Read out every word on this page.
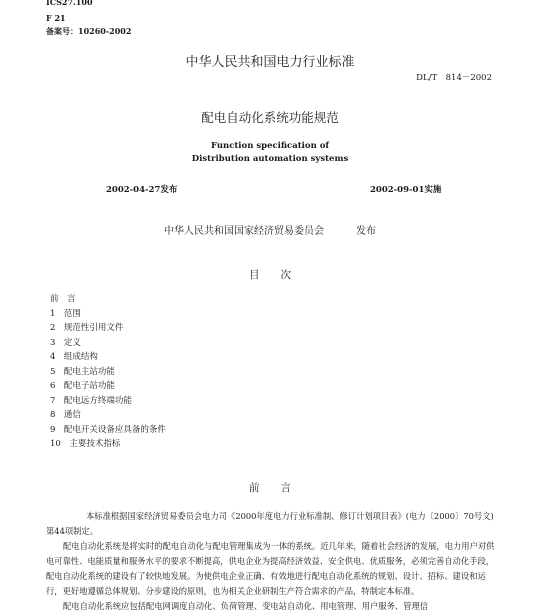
ICS27.100
F 21
备案号：10260-2002
中华人民共和国电力行业标准
DL/T　814－2002
配电自动化系统功能规范
Function specification of
Distribution automation systems
2002-04-27发布	2002-09-01实施
中华人民共和国国家经济贸易委员会	发布
目　　次
前　言
1　范围
2　规范性引用文件
3　定义
4　组成结构
5　配电主站功能
6　配电子站功能
7　配电远方终端功能
8　通信
9　配电开关设备应具备的条件
10　主要技术指标
前　　言
本标准根据国家经济贸易委员会电力司《2000年度电力行业标准制、修订计划项目表》(电力〔2000〕70号文)第44项制定。
配电自动化系统是将实时的配电自动化与配电管理集成为一体的系统。近几年来，随着社会经济的发展，电力用户对供电可靠性、电能质量和服务水平的要求不断提高，供电企业为提高经济效益、安全供电、优质服务，必须完善自动化手段，配电自动化系统的建设有了较快地发展。为使供电企业正确、有效地进行配电自动化系统的规划、设计、招标、建设和运行，更好地遵循总体规划、分步建设的原则，也为相关企业研制生产符合需求的产品，特制定本标准。
配电自动化系统应包括配电网调度自动化、负荷管理、变电站自动化、用电管理、用户服务、管理信
